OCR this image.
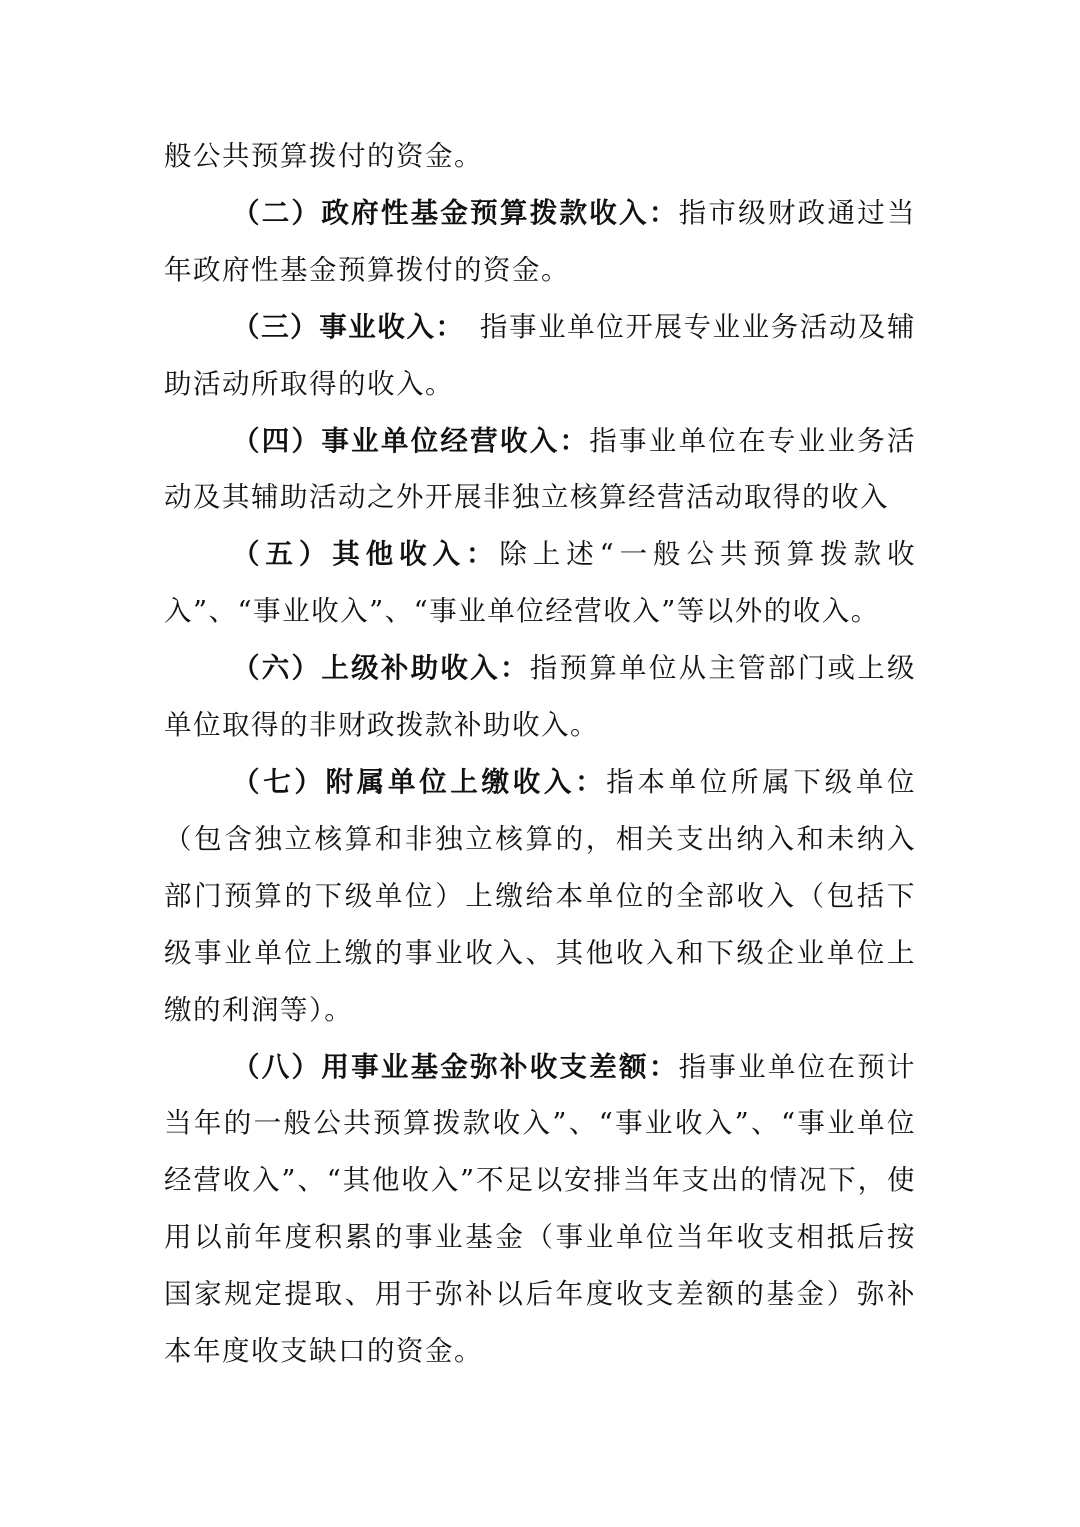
般公共预算拨付的资金。

（二）政府性基金预算拨款收入：指市级财政通过当年政府性基金预算拨付的资金。

（三）事业收入：　指事业单位开展专业业务活动及辅助活动所取得的收入。

（四）事业单位经营收入：指事业单位在专业业务活动及其辅助活动之外开展非独立核算经营活动取得的收入

（五）其他收入：除上述“一般公共预算拨款收入”、“事业收入”、“事业单位经营收入”等以外的收入。

（六）上级补助收入：指预算单位从主管部门或上级单位取得的非财政拨款补助收入。

（七）附属单位上缴收入：指本单位所属下级单位（包含独立核算和非独立核算的，相关支出纳入和未纳入部门预算的下级单位）上缴给本单位的全部收入（包括下级事业单位上缴的事业收入、其他收入和下级企业单位上缴的利润等）。

（八）用事业基金弥补收支差额：指事业单位在预计当年的一般公共预算拨款收入”、“事业收入”、“事业单位经营收入”、“其他收入”不足以安排当年支出的情况下，使用以前年度积累的事业基金（事业单位当年收支相抵后按国家规定提取、用于弥补以后年度收支差额的基金）弥补本年度收支缺口的资金。
